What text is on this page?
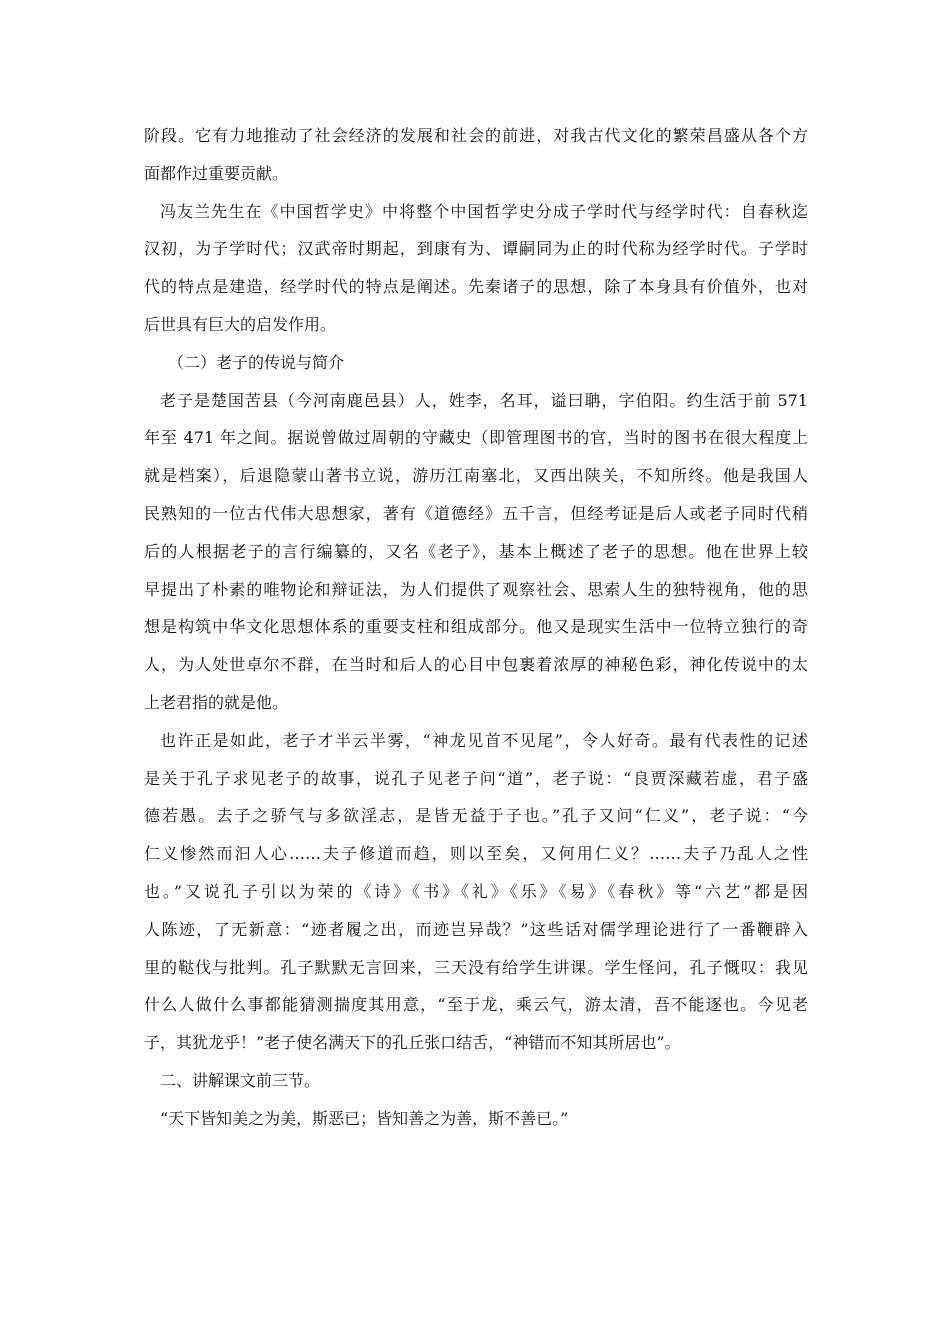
阶段。它有力地推动了社会经济的发展和社会的前进，对我古代文化的繁荣昌盛从各个方
面都作过重要贡献。
冯友兰先生在《中国哲学史》中将整个中国哲学史分成子学时代与经学时代：自春秋迄
汉初，为子学时代；汉武帝时期起，到康有为、谭嗣同为止的时代称为经学时代。子学时
代的特点是建造，经学时代的特点是阐述。先秦诸子的思想，除了本身具有价值外，也对
后世具有巨大的启发作用。
（二）老子的传说与简介
老子是楚国苦县（今河南鹿邑县）人，姓李，名耳，谥曰聃，字伯阳。约生活于前 571
年至 471 年之间。据说曾做过周朝的守藏史（即管理图书的官，当时的图书在很大程度上
就是档案），后退隐蒙山著书立说，游历江南塞北，又西出陕关，不知所终。他是我国人
民熟知的一位古代伟大思想家，著有《道德经》五千言，但经考证是后人或老子同时代稍
后的人根据老子的言行编纂的，又名《老子》，基本上概述了老子的思想。他在世界上较
早提出了朴素的唯物论和辩证法，为人们提供了观察社会、思索人生的独特视角，他的思
想是构筑中华文化思想体系的重要支柱和组成部分。他又是现实生活中一位特立独行的奇
人，为人处世卓尔不群，在当时和后人的心目中包裹着浓厚的神秘色彩，神化传说中的太
上老君指的就是他。
也许正是如此，老子才半云半雾，“神龙见首不见尾”，令人好奇。最有代表性的记述
是关于孔子求见老子的故事，说孔子见老子问“道”，老子说：“良贾深藏若虚，君子盛
德若愚。去子之骄气与多欲淫志，是皆无益于子也。”孔子又问“仁义”，老子说：“今
仁义惨然而汩人心……夫子修道而趋，则以至矣，又何用仁义？……夫子乃乱人之性
也。”又说孔子引以为荣的《诗》《书》《礼》《乐》《易》《春秋》等“六艺”都是因
人陈迹，了无新意：“迹者履之出，而迹岂异哉？”这些话对儒学理论进行了一番鞭辟入
里的鞑伐与批判。孔子默默无言回来，三天没有给学生讲课。学生怪问，孔子慨叹：我见
什么人做什么事都能猜测揣度其用意，“至于龙，乘云气，游太清，吾不能逐也。今见老
子，其犹龙乎！”老子使名满天下的孔丘张口结舌，“神错而不知其所居也”。
二、讲解课文前三节。
“天下皆知美之为美，斯恶已；皆知善之为善，斯不善已。”
